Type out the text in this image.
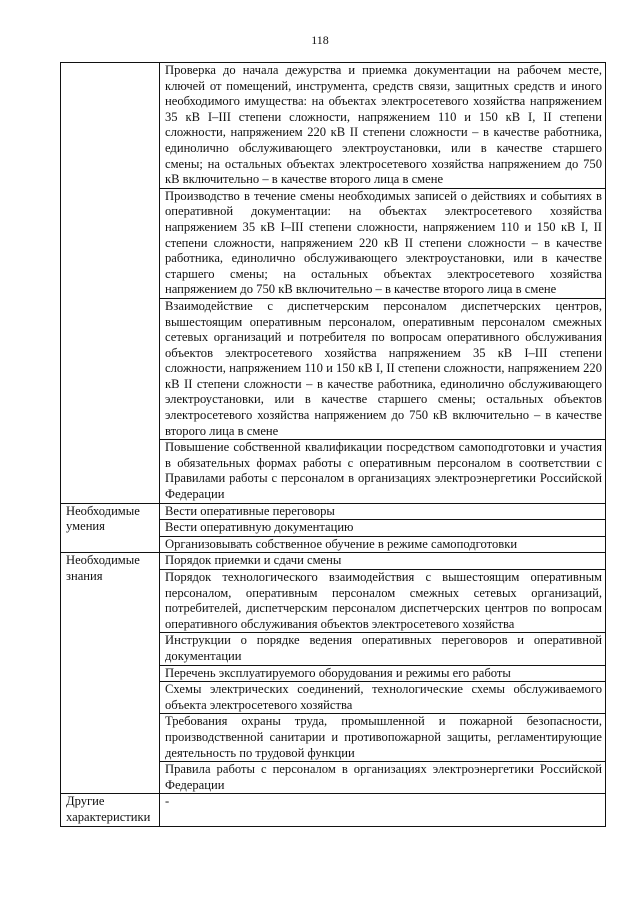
118
	Проверка до начала дежурства и приемка документации на рабочем месте, ключей от помещений, инструмента, средств связи, защитных средств и иного необходимого имущества: на объектах электросетевого хозяйства напряжением 35 кВ I–III степени сложности, напряжением 110 и 150 кВ I, II степени сложности, напряжением 220 кВ II степени сложности – в качестве работника, единолично обслуживающего электроустановки, или в качестве старшего смены; на остальных объектах электросетевого хозяйства напряжением до 750 кВ включительно – в качестве второго лица в смене
	Производство в течение смены необходимых записей о действиях и событиях в оперативной документации: на объектах электросетевого хозяйства напряжением 35 кВ I–III степени сложности, напряжением 110 и 150 кВ I, II степени сложности, напряжением 220 кВ II степени сложности – в качестве работника, единолично обслуживающего электроустановки, или в качестве старшего смены; на остальных объектах электросетевого хозяйства напряжением до 750 кВ включительно – в качестве второго лица в смене
	Взаимодействие с диспетчерским персоналом диспетчерских центров, вышестоящим оперативным персоналом, оперативным персоналом смежных сетевых организаций и потребителя по вопросам оперативного обслуживания объектов электросетевого хозяйства напряжением 35 кВ I–III степени сложности, напряжением 110 и 150 кВ I, II степени сложности, напряжением 220 кВ II степени сложности – в качестве работника, единолично обслуживающего электроустановки, или в качестве старшего смены; остальных объектов электросетевого хозяйства напряжением до 750 кВ включительно – в качестве второго лица в смене
	Повышение собственной квалификации посредством самоподготовки и участия в обязательных формах работы с оперативным персоналом в соответствии с Правилами работы с персоналом в организациях электроэнергетики Российской Федерации
Необходимые умения	Вести оперативные переговоры
	Вести оперативную документацию
	Организовывать собственное обучение в режиме самоподготовки
Необходимые знания	Порядок приемки и сдачи смены
	Порядок технологического взаимодействия с вышестоящим оперативным персоналом, оперативным персоналом смежных сетевых организаций, потребителей, диспетчерским персоналом диспетчерских центров по вопросам оперативного обслуживания объектов электросетевого хозяйства
	Инструкции о порядке ведения оперативных переговоров и оперативной документации
	Перечень эксплуатируемого оборудования и режимы его работы
	Схемы электрических соединений, технологические схемы обслуживаемого объекта электросетевого хозяйства
	Требования охраны труда, промышленной и пожарной безопасности, производственной санитарии и противопожарной защиты, регламентирующие деятельность по трудовой функции
	Правила работы с персоналом в организациях электроэнергетики Российской Федерации
Другие характеристики	-
